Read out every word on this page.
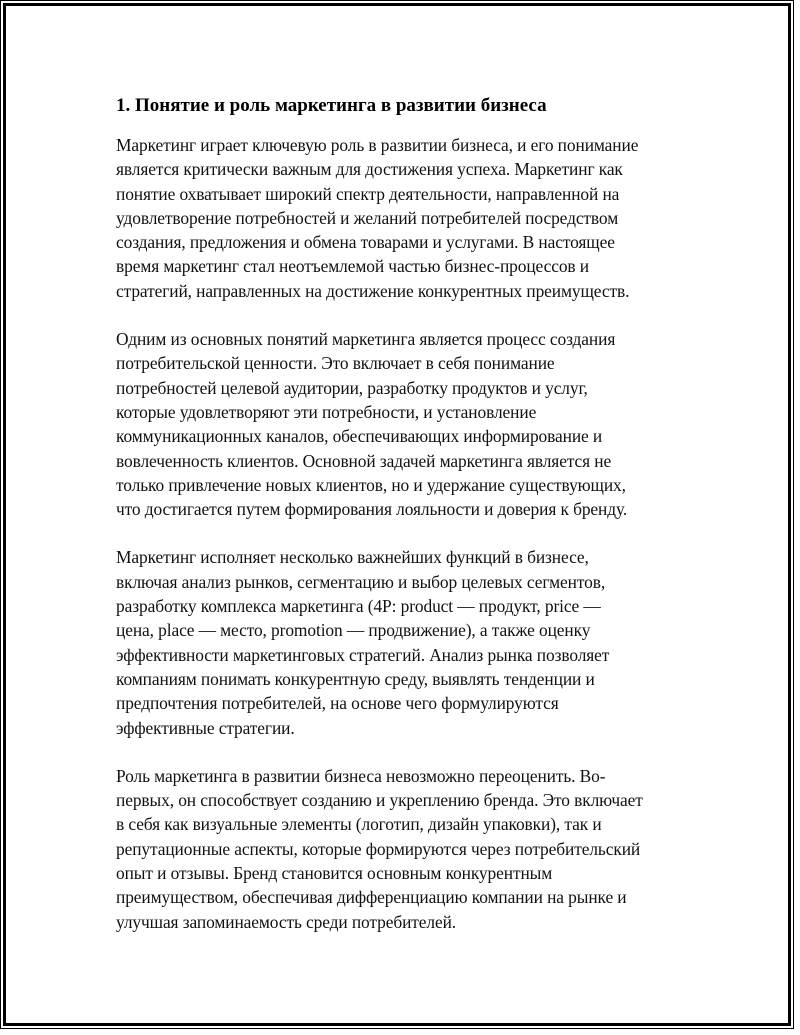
1. Понятие и роль маркетинга в развитии бизнеса

Маркетинг играет ключевую роль в развитии бизнеса, и его понимание
является критически важным для достижения успеха. Маркетинг как
понятие охватывает широкий спектр деятельности, направленной на
удовлетворение потребностей и желаний потребителей посредством
создания, предложения и обмена товарами и услугами. В настоящее
время маркетинг стал неотъемлемой частью бизнес-процессов и
стратегий, направленных на достижение конкурентных преимуществ.

Одним из основных понятий маркетинга является процесс создания
потребительской ценности. Это включает в себя понимание
потребностей целевой аудитории, разработку продуктов и услуг,
которые удовлетворяют эти потребности, и установление
коммуникационных каналов, обеспечивающих информирование и
вовлеченность клиентов. Основной задачей маркетинга является не
только привлечение новых клиентов, но и удержание существующих,
что достигается путем формирования лояльности и доверия к бренду.

Маркетинг исполняет несколько важнейших функций в бизнесе,
включая анализ рынков, сегментацию и выбор целевых сегментов,
разработку комплекса маркетинга (4P: product — продукт, price —
цена, place — место, promotion — продвижение), а также оценку
эффективности маркетинговых стратегий. Анализ рынка позволяет
компаниям понимать конкурентную среду, выявлять тенденции и
предпочтения потребителей, на основе чего формулируются
эффективные стратегии.

Роль маркетинга в развитии бизнеса невозможно переоценить. Во-
первых, он способствует созданию и укреплению бренда. Это включает
в себя как визуальные элементы (логотип, дизайн упаковки), так и
репутационные аспекты, которые формируются через потребительский
опыт и отзывы. Бренд становится основным конкурентным
преимуществом, обеспечивая дифференциацию компании на рынке и
улучшая запоминаемость среди потребителей.
